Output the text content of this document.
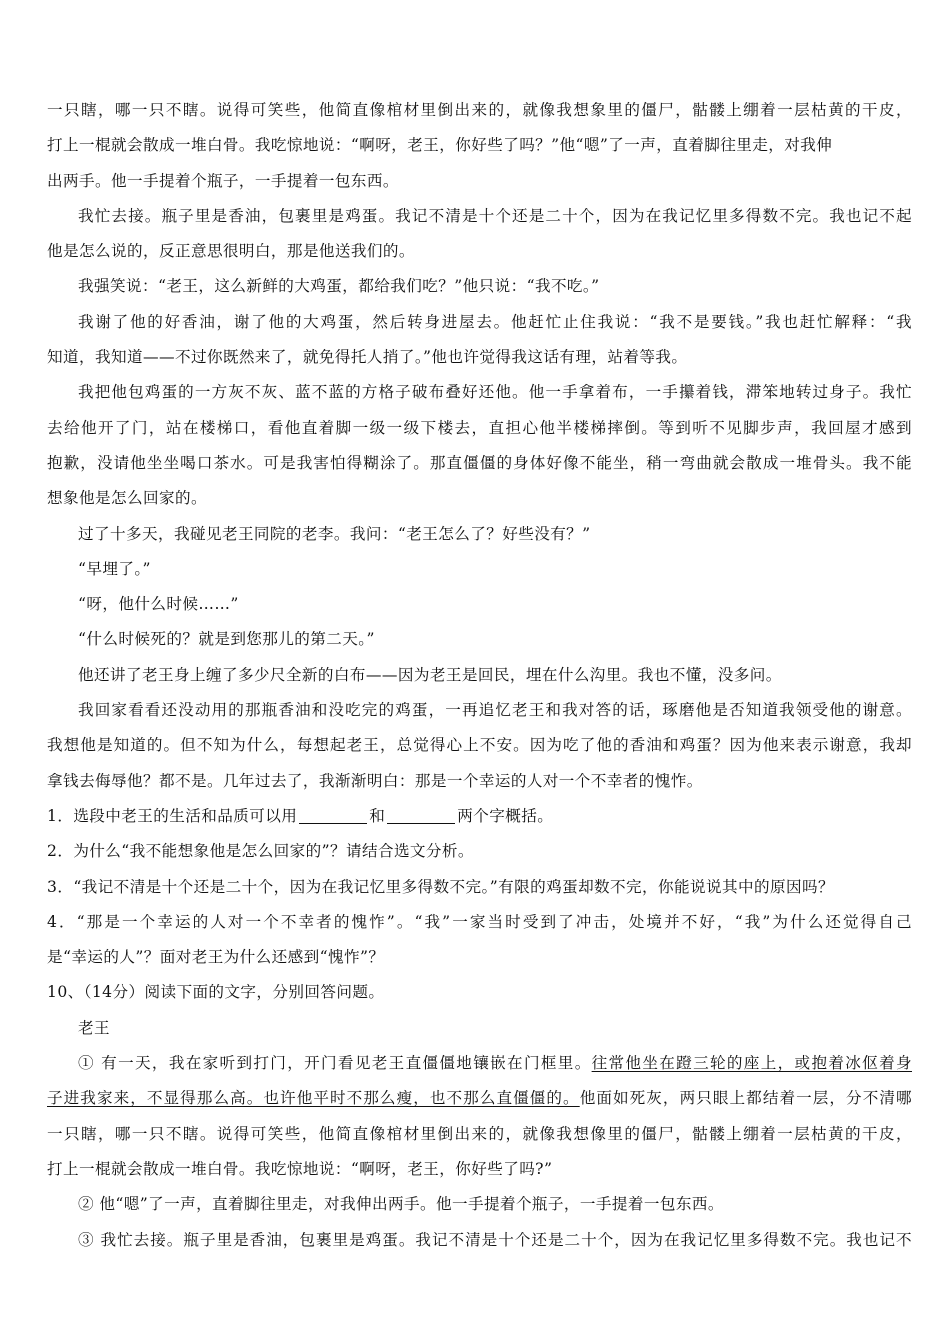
一只瞎，哪一只不瞎。说得可笑些，他简直像棺材里倒出来的，就像我想象里的僵尸，骷髅上绷着一层枯黄的干皮，
打上一棍就会散成一堆白骨。我吃惊地说：“啊呀，老王，你好些了吗？”他“嗯”了一声，直着脚往里走，对我伸
出两手。他一手提着个瓶子，一手提着一包东西。
我忙去接。瓶子里是香油，包裹里是鸡蛋。我记不清是十个还是二十个，因为在我记忆里多得数不完。我也记不起
他是怎么说的，反正意思很明白，那是他送我们的。
我强笑说：“老王，这么新鲜的大鸡蛋，都给我们吃？”他只说：“我不吃。”
我谢了他的好香油，谢了他的大鸡蛋，然后转身进屋去。他赶忙止住我说：“我不是要钱。”我也赶忙解释：“我
知道，我知道——不过你既然来了，就免得托人捎了。”他也许觉得我这话有理，站着等我。
我把他包鸡蛋的一方灰不灰、蓝不蓝的方格子破布叠好还他。他一手拿着布，一手攥着钱，滞笨地转过身子。我忙
去给他开了门，站在楼梯口，看他直着脚一级一级下楼去，直担心他半楼梯摔倒。等到听不见脚步声，我回屋才感到
抱歉，没请他坐坐喝口茶水。可是我害怕得糊涂了。那直僵僵的身体好像不能坐，稍一弯曲就会散成一堆骨头。我不能
想象他是怎么回家的。
过了十多天，我碰见老王同院的老李。我问：“老王怎么了？好些没有？”
“早埋了。”
“呀，他什么时候……”
“什么时候死的？就是到您那儿的第二天。”
他还讲了老王身上缠了多少尺全新的白布——因为老王是回民，埋在什么沟里。我也不懂，没多问。
我回家看看还没动用的那瓶香油和没吃完的鸡蛋，一再追忆老王和我对答的话，琢磨他是否知道我领受他的谢意。
我想他是知道的。但不知为什么，每想起老王，总觉得心上不安。因为吃了他的香油和鸡蛋？因为他来表示谢意，我却
拿钱去侮辱他？都不是。几年过去了，我渐渐明白：那是一个幸运的人对一个不幸者的愧怍。
1．选段中老王的生活和品质可以用	和	两个字概括。
2．为什么“我不能想象他是怎么回家的”？请结合选文分析。
3．“我记不清是十个还是二十个，因为在我记忆里多得数不完。”有限的鸡蛋却数不完，你能说说其中的原因吗？
4．“那是一个幸运的人对一个不幸者的愧怍”。“我”一家当时受到了冲击，处境并不好，“我”为什么还觉得自己
是“幸运的人”？面对老王为什么还感到“愧怍”？
10、（14分）阅读下面的文字，分别回答问题。
老王
① 有一天，我在家听到打门，开门看见老王直僵僵地镶嵌在门框里。往常他坐在蹬三轮的座上，或抱着冰伛着身
子进我家来，不显得那么高。也许他平时不那么瘦，也不那么直僵僵的。他面如死灰，两只眼上都结着一层，分不清哪
一只瞎，哪一只不瞎。说得可笑些，他简直像棺材里倒出来的，就像我想像里的僵尸，骷髅上绷着一层枯黄的干皮，
打上一棍就会散成一堆白骨。我吃惊地说：“啊呀，老王，你好些了吗?”
② 他“嗯”了一声，直着脚往里走，对我伸出两手。他一手提着个瓶子，一手提着一包东西。
③ 我忙去接。瓶子里是香油，包裹里是鸡蛋。我记不清是十个还是二十个，因为在我记忆里多得数不完。我也记不
